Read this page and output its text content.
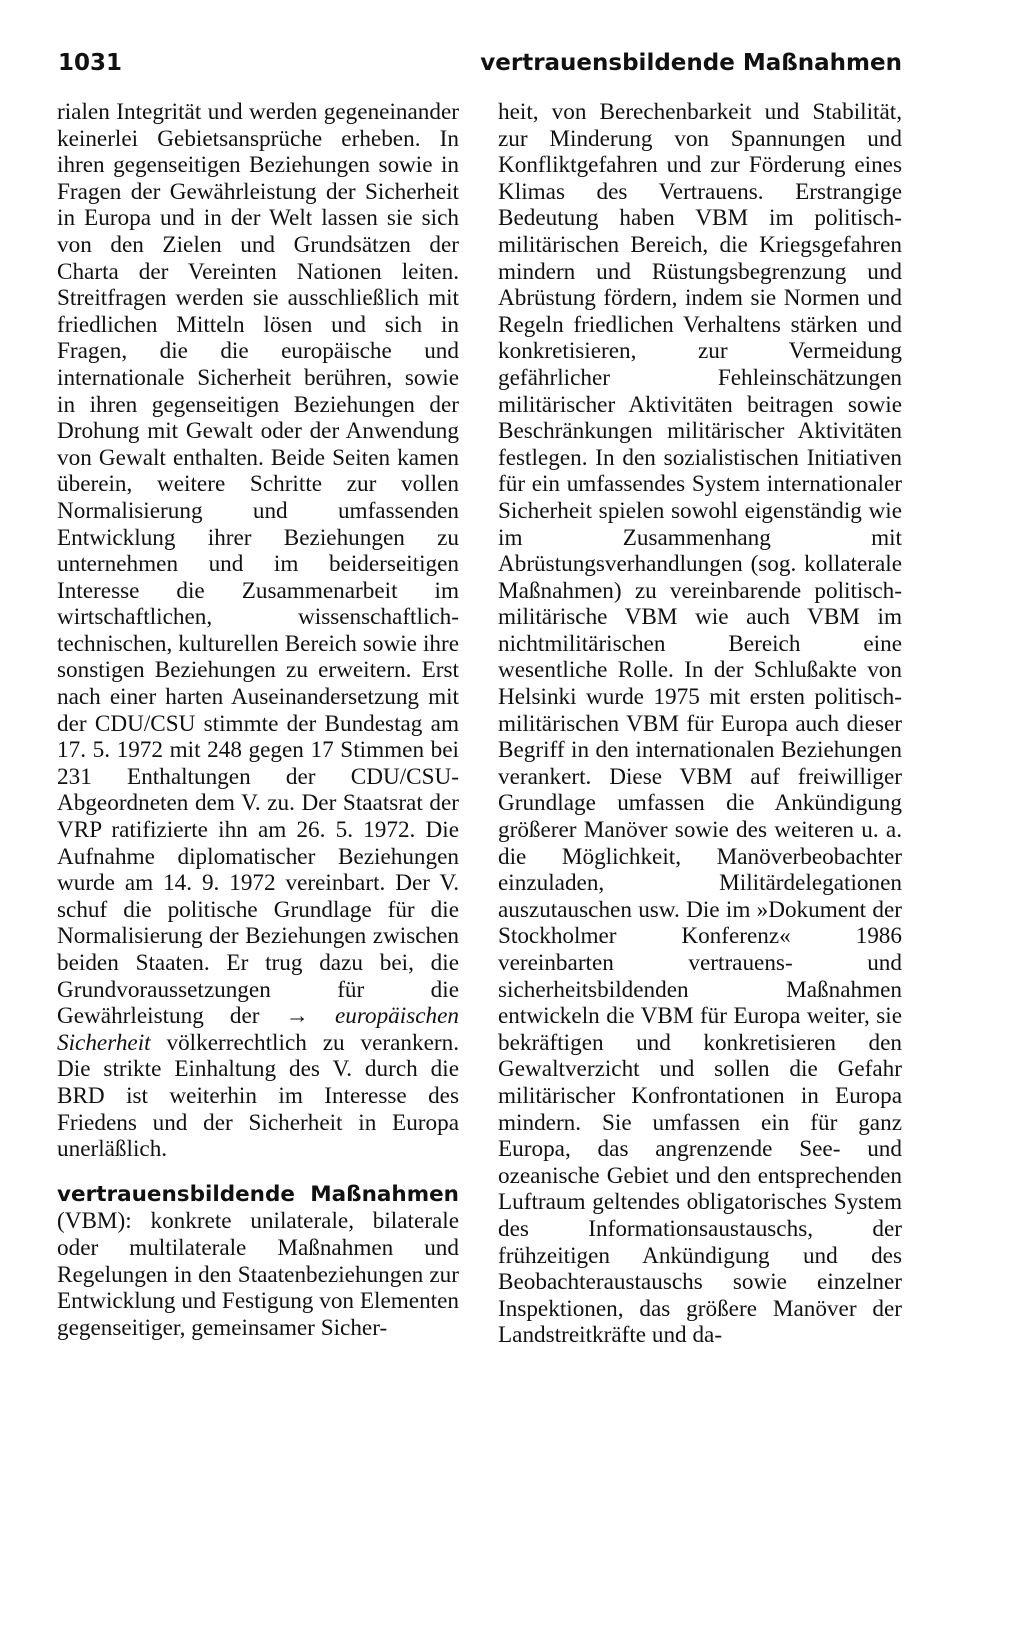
1031	vertrauensbildende Maßnahmen

rialen Integrität und werden gegeneinander keinerlei Gebietsansprüche erheben. In ihren gegenseitigen Beziehungen sowie in Fragen der Gewährleistung der Sicherheit in Europa und in der Welt lassen sie sich von den Zielen und Grundsätzen der Charta der Vereinten Nationen leiten. Streitfragen werden sie ausschließlich mit friedlichen Mitteln lösen und sich in Fragen, die die europäische und internationale Sicherheit berühren, sowie in ihren gegenseitigen Beziehungen der Drohung mit Gewalt oder der Anwendung von Gewalt enthalten. Beide Seiten kamen überein, weitere Schritte zur vollen Normalisierung und umfassenden Entwicklung ihrer Beziehungen zu unternehmen und im beiderseitigen Interesse die Zusammenarbeit im wirtschaftlichen, wissenschaftlich-technischen, kulturellen Bereich sowie ihre sonstigen Beziehungen zu erweitern. Erst nach einer harten Auseinandersetzung mit der CDU/CSU stimmte der Bundestag am 17. 5. 1972 mit 248 gegen 17 Stimmen bei 231 Enthaltungen der CDU/CSU-Abgeordneten dem V. zu. Der Staatsrat der VRP ratifizierte ihn am 26. 5. 1972. Die Aufnahme diplomatischer Beziehungen wurde am 14. 9. 1972 vereinbart. Der V. schuf die politische Grundlage für die Normalisierung der Beziehungen zwischen beiden Staaten. Er trug dazu bei, die Grundvoraussetzungen für die Gewährleistung der → europäischen Sicherheit völkerrechtlich zu verankern. Die strikte Einhaltung des V. durch die BRD ist weiterhin im Interesse des Friedens und der Sicherheit in Europa unerläßlich.

vertrauensbildende Maßnahmen (VBM): konkrete unilaterale, bilaterale oder multilaterale Maßnahmen und Regelungen in den Staatenbeziehungen zur Entwicklung und Festigung von Elementen gegenseitiger, gemeinsamer Sicher-

heit, von Berechenbarkeit und Stabilität, zur Minderung von Spannungen und Konfliktgefahren und zur Förderung eines Klimas des Vertrauens. Erstrangige Bedeutung haben VBM im politisch-militärischen Bereich, die Kriegsgefahren mindern und Rüstungsbegrenzung und Abrüstung fördern, indem sie Normen und Regeln friedlichen Verhaltens stärken und konkretisieren, zur Vermeidung gefährlicher Fehleinschätzungen militärischer Aktivitäten beitragen sowie Beschränkungen militärischer Aktivitäten festlegen. In den sozialistischen Initiativen für ein umfassendes System internationaler Sicherheit spielen sowohl eigenständig wie im Zusammenhang mit Abrüstungsverhandlungen (sog. kollaterale Maßnahmen) zu vereinbarende politisch-militärische VBM wie auch VBM im nichtmilitärischen Bereich eine wesentliche Rolle. In der Schlußakte von Helsinki wurde 1975 mit ersten politisch-militärischen VBM für Europa auch dieser Begriff in den internationalen Beziehungen verankert. Diese VBM auf freiwilliger Grundlage umfassen die Ankündigung größerer Manöver sowie des weiteren u. a. die Möglichkeit, Manöverbeobachter einzuladen, Militärdelegationen auszutauschen usw. Die im »Dokument der Stockholmer Konferenz« 1986 vereinbarten vertrauens- und sicherheitsbildenden Maßnahmen entwickeln die VBM für Europa weiter, sie bekräftigen und konkretisieren den Gewaltverzicht und sollen die Gefahr militärischer Konfrontationen in Europa mindern. Sie umfassen ein für ganz Europa, das angrenzende See- und ozeanische Gebiet und den entsprechenden Luftraum geltendes obligatorisches System des Informationsaustauschs, der frühzeitigen Ankündigung und des Beobachteraustauschs sowie einzelner Inspektionen, das größere Manöver der Landstreitkräfte und da-
